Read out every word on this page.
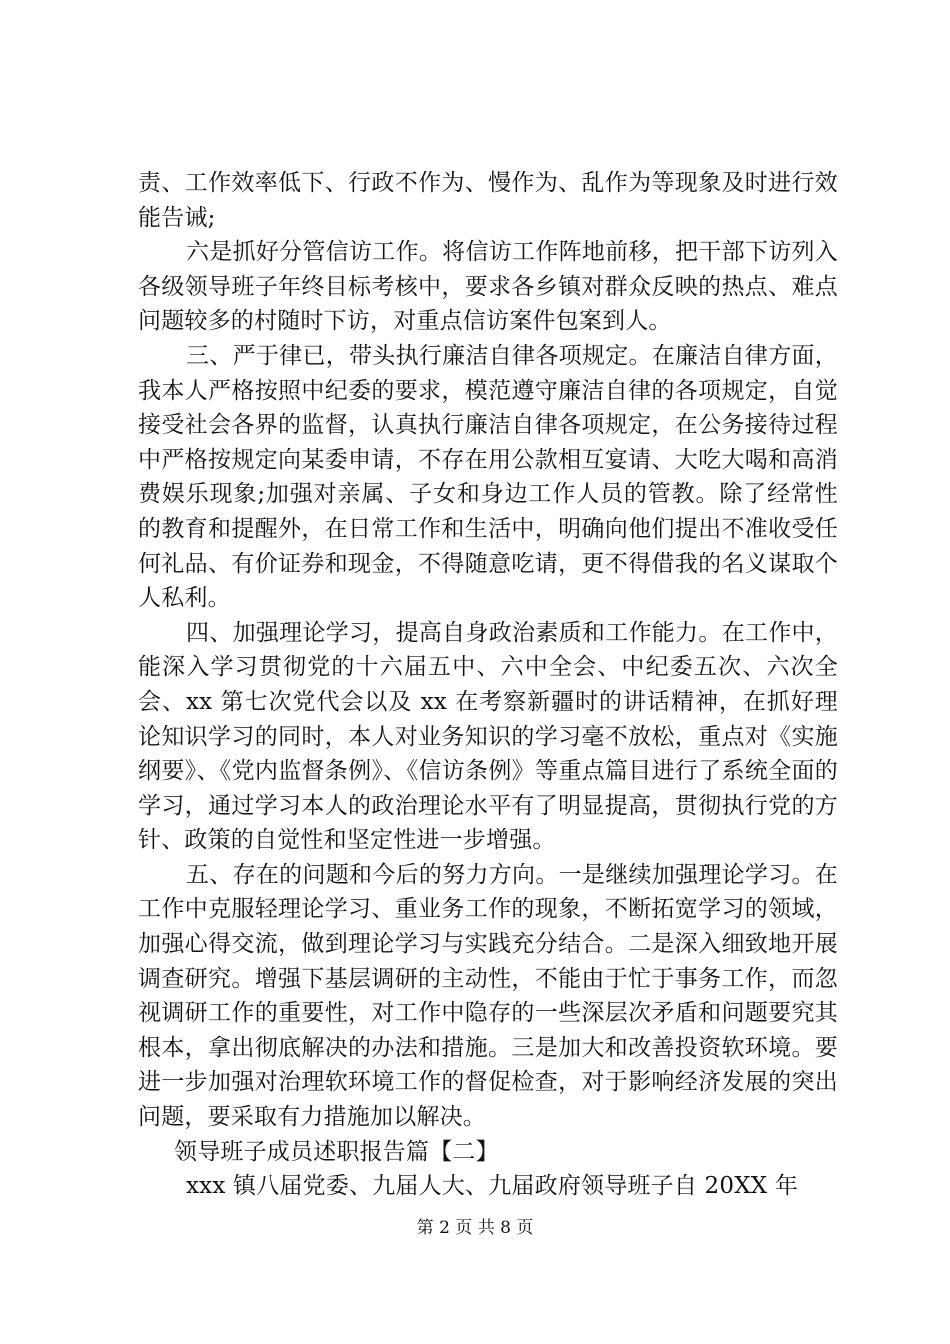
责、工作效率低下、行政不作为、慢作为、乱作为等现象及时进行效能告诫;

六是抓好分管信访工作。将信访工作阵地前移，把干部下访列入各级领导班子年终目标考核中，要求各乡镇对群众反映的热点、难点问题较多的村随时下访，对重点信访案件包案到人。

三、严于律已，带头执行廉洁自律各项规定。在廉洁自律方面，我本人严格按照中纪委的要求，模范遵守廉洁自律的各项规定，自觉接受社会各界的监督，认真执行廉洁自律各项规定，在公务接待过程中严格按规定向某委申请，不存在用公款相互宴请、大吃大喝和高消费娱乐现象;加强对亲属、子女和身边工作人员的管教。除了经常性的教育和提醒外，在日常工作和生活中，明确向他们提出不准收受任何礼品、有价证券和现金，不得随意吃请，更不得借我的名义谋取个人私利。

四、加强理论学习，提高自身政治素质和工作能力。在工作中，能深入学习贯彻党的十六届五中、六中全会、中纪委五次、六次全会、xx 第七次党代会以及 xx 在考察新疆时的讲话精神，在抓好理论知识学习的同时，本人对业务知识的学习毫不放松，重点对《实施纲要》、《党内监督条例》、《信访条例》等重点篇目进行了系统全面的学习，通过学习本人的政治理论水平有了明显提高，贯彻执行党的方针、政策的自觉性和坚定性进一步增强。

五、存在的问题和今后的努力方向。一是继续加强理论学习。在工作中克服轻理论学习、重业务工作的现象，不断拓宽学习的领域，加强心得交流，做到理论学习与实践充分结合。二是深入细致地开展调查研究。增强下基层调研的主动性，不能由于忙于事务工作，而忽视调研工作的重要性，对工作中隐存的一些深层次矛盾和问题要究其根本，拿出彻底解决的办法和措施。三是加大和改善投资软环境。要进一步加强对治理软环境工作的督促检查，对于影响经济发展的突出问题，要采取有力措施加以解决。

领导班子成员述职报告篇【二】

xxx 镇八届党委、九届人大、九届政府领导班子自 20XX 年

第 2 页 共 8 页
